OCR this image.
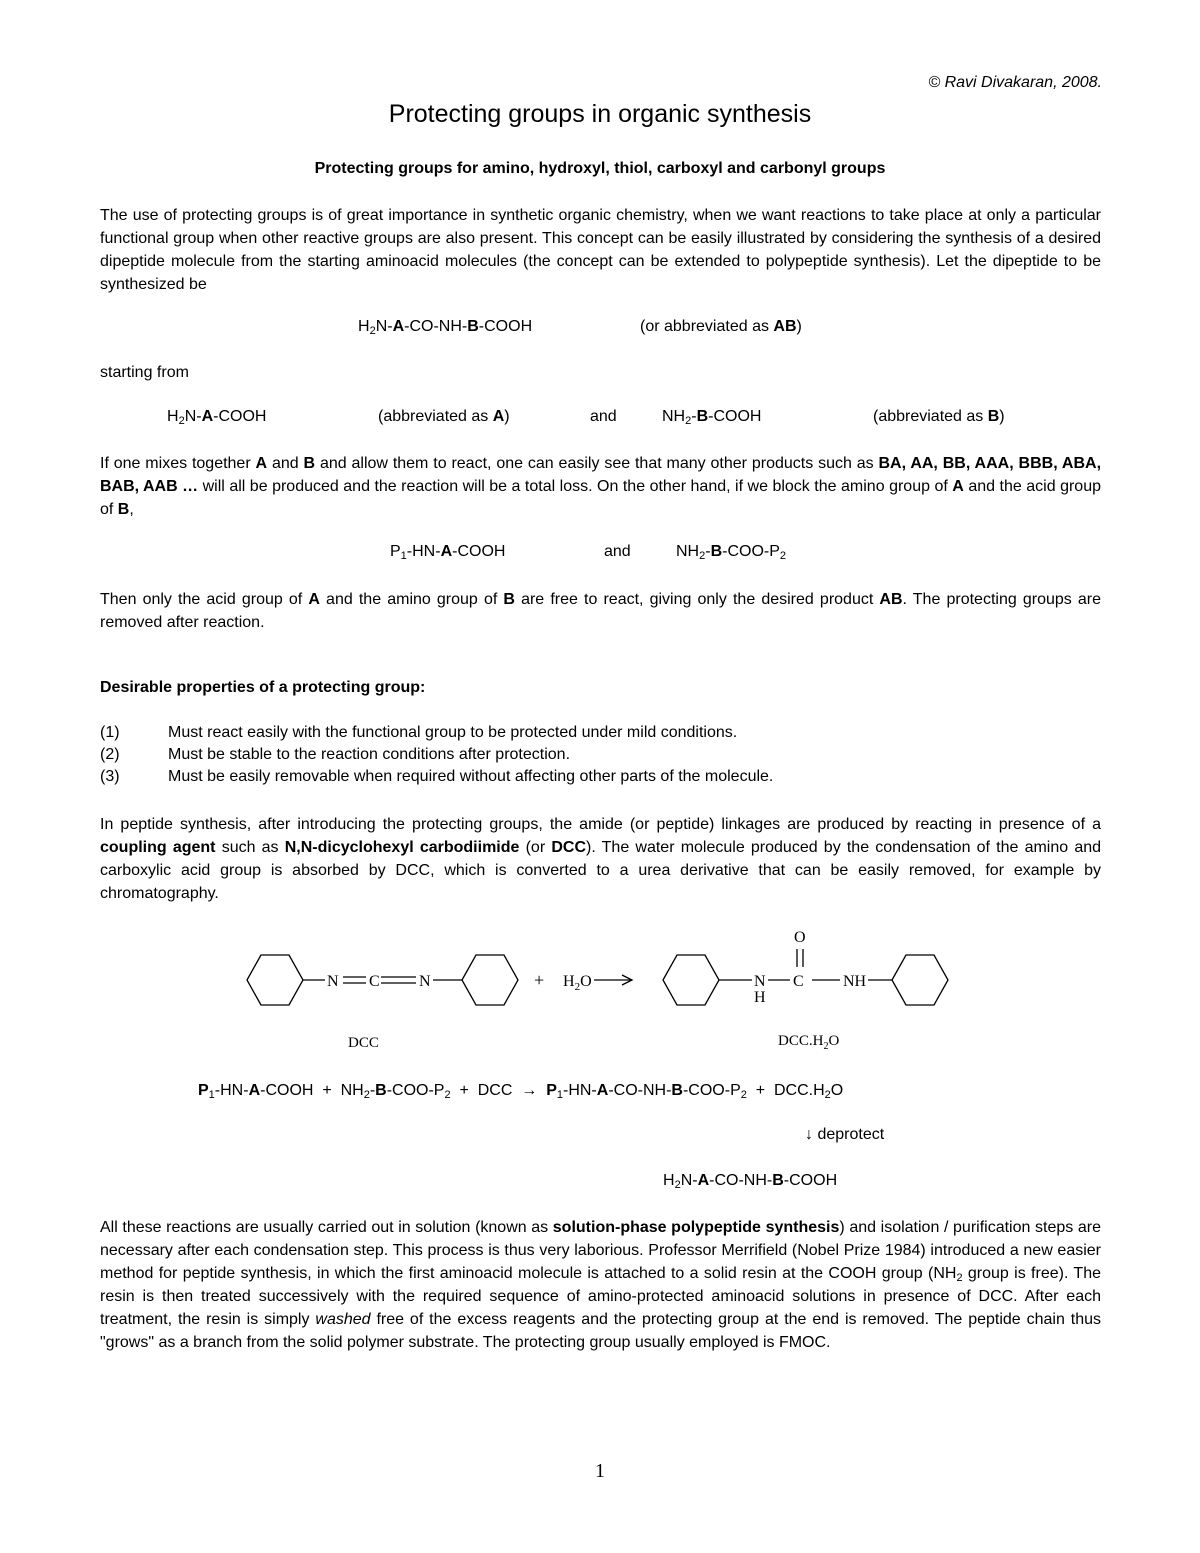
© Ravi Divakaran, 2008.
Protecting groups in organic synthesis
Protecting groups for amino, hydroxyl, thiol, carboxyl and carbonyl groups
The use of protecting groups is of great importance in synthetic organic chemistry, when we want reactions to take place at only a particular functional group when other reactive groups are also present. This concept can be easily illustrated by considering the synthesis of a desired dipeptide molecule from the starting aminoacid molecules (the concept can be extended to polypeptide synthesis). Let the dipeptide to be synthesized be
$H_2N-A-CO-NH-B$-COOH	(or abbreviated as AB)
starting from
$H_2N-A$-COOH	(abbreviated as A)	and	$NH_2-B$-COOH	(abbreviated as B)
If one mixes together A and B and allow them to react, one can easily see that many other products such as BA, AA, BB, AAA, BBB, ABA, BAB, AAB … will all be produced and the reaction will be a total loss. On the other hand, if we block the amino group of A and the acid group of B,
$P_1-HN-A$-COOH	and	$NH_2-B-COO-P_2$
Then only the acid group of A and the amino group of B are free to react, giving only the desired product AB. The protecting groups are removed after reaction.
Desirable properties of a protecting group:
(1)	Must react easily with the functional group to be protected under mild conditions.
(2)	Must be stable to the reaction conditions after protection.
(3)	Must be easily removable when required without affecting other parts of the molecule.
In peptide synthesis, after introducing the protecting groups, the amide (or peptide) linkages are produced by reacting in presence of a coupling agent such as N,N-dicyclohexyl carbodiimide (or DCC). The water molecule produced by the condensation of the amino and carboxylic acid group is absorbed by DCC, which is converted to a urea derivative that can be easily removed, for example by chromatography.
N C N	+ $H_2O$
O
N
H
C NH
DCC	$DCC.H_2O$
$P_1-HN-A$-COOH  +  $NH_2-B-COO-P_2$  +  DCC  →  $P_1-HN-A-CO-NH-B-COO-P_2 + DCC.H_2O$
↓ deprotect
$H_2N-A-CO-NH-B$-COOH
All these reactions are usually carried out in solution (known as solution-phase polypeptide synthesis) and isolation / purification steps are necessary after each condensation step. This process is thus very laborious. Professor Merrifield (Nobel Prize 1984) introduced a new easier method for peptide synthesis, in which the first aminoacid molecule is attached to a solid resin at the COOH group ($NH_2$ group is free). The resin is then treated successively with the required sequence of amino-protected aminoacid solutions in presence of DCC. After each treatment, the resin is simply washed free of the excess reagents and the protecting group at the end is removed. The peptide chain thus "grows" as a branch from the solid polymer substrate. The protecting group usually employed is FMOC.
1
